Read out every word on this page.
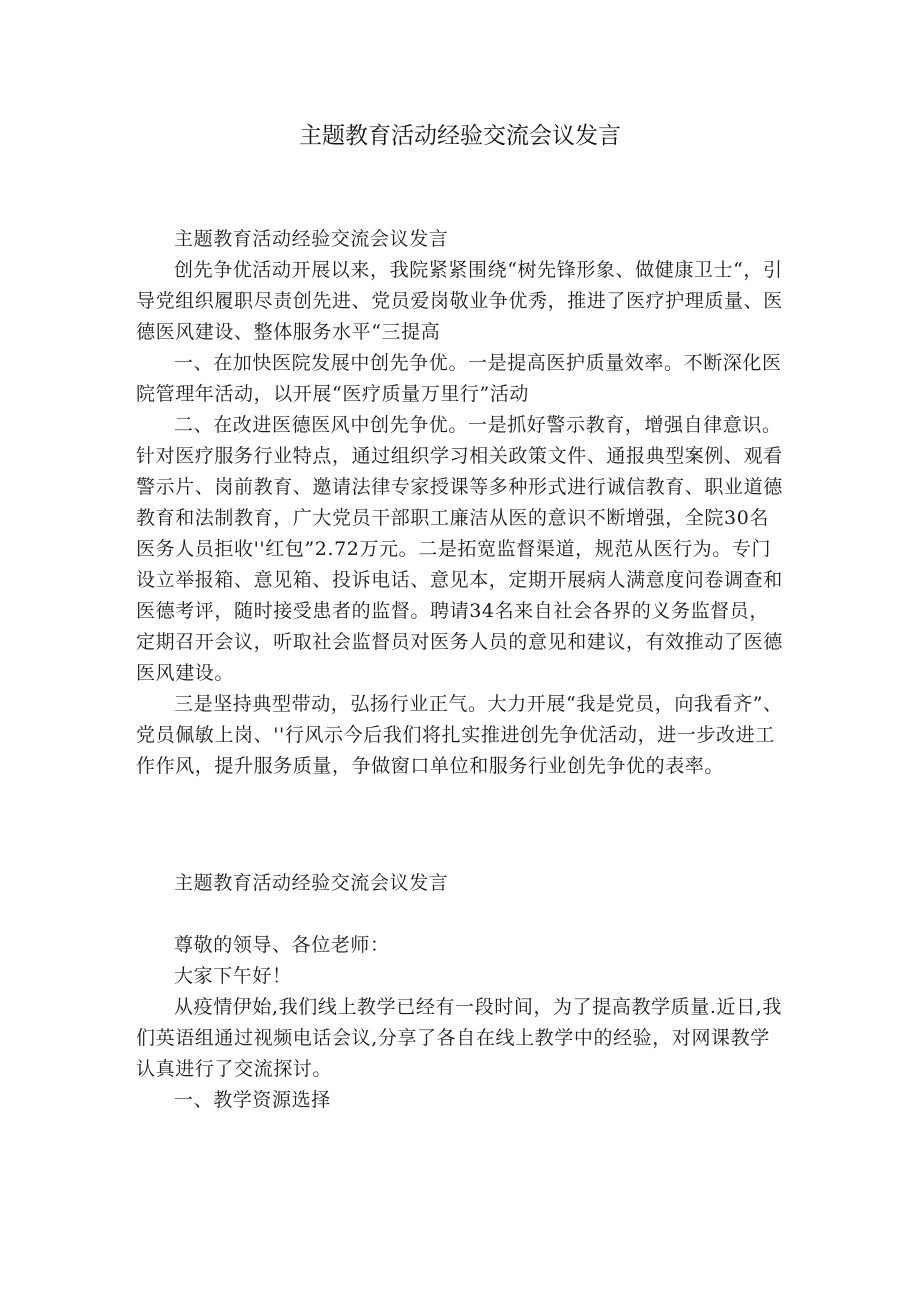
主题教育活动经验交流会议发言

主题教育活动经验交流会议发言

创先争优活动开展以来，我院紧紧围绕“树先锋形象、做健康卫士“，引导党组织履职尽责创先进、党员爱岗敬业争优秀，推进了医疗护理质量、医德医风建设、整体服务水平“三提高

一、在加快医院发展中创先争优。一是提高医护质量效率。不断深化医院管理年活动，以开展“医疗质量万里行”活动

二、在改进医德医风中创先争优。一是抓好警示教育，增强自律意识。针对医疗服务行业特点，通过组织学习相关政策文件、通报典型案例、观看警示片、岗前教育、邀请法律专家授课等多种形式进行诚信教育、职业道德教育和法制教育，广大党员干部职工廉洁从医的意识不断增强，全院30名医务人员拒收''红包”2.72万元。二是拓宽监督渠道，规范从医行为。专门设立举报箱、意见箱、投诉电话、意见本，定期开展病人满意度问卷调查和医德考评，随时接受患者的监督。聘请34名来自社会各界的义务监督员，定期召开会议，听取社会监督员对医务人员的意见和建议，有效推动了医德医风建设。

三是坚持典型带动，弘扬行业正气。大力开展“我是党员，向我看齐”、党员佩敏上岗、''行风示今后我们将扎实推进创先争优活动，进一步改进工作作风，提升服务质量，争做窗口单位和服务行业创先争优的表率。

主题教育活动经验交流会议发言

尊敬的领导、各位老师：

大家下午好！

从疫情伊始,我们线上教学已经有一段时间，为了提高教学质量.近日,我们英语组通过视频电话会议,分享了各自在线上教学中的经验，对网课教学认真进行了交流探讨。

一、教学资源选择
